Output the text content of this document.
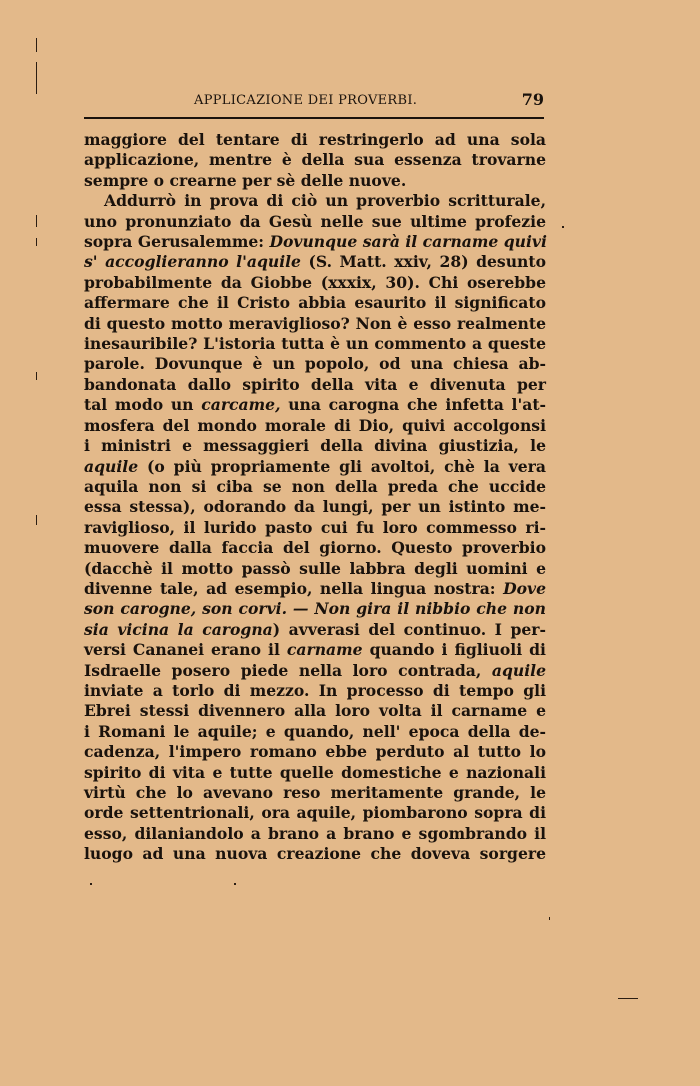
APPLICAZIONE DEI PROVERBI.	79
maggiore del tentare di restringerlo ad una sola
applicazione, mentre è della sua essenza trovarne
sempre o crearne per sè delle nuove.
Addurrò in prova di ciò un proverbio scritturale,
uno pronunziato da Gesù nelle sue ultime profezie
sopra Gerusalemme: Dovunque sarà il carname quivi
s' accoglieranno l'aquile (S. Matt. xxiv, 28) desunto
probabilmente da Giobbe (xxxix, 30). Chi oserebbe
affermare che il Cristo abbia esaurito il significato
di questo motto meraviglioso? Non è esso realmente
inesauribile? L'istoria tutta è un commento a queste
parole. Dovunque è un popolo, od una chiesa ab-
bandonata dallo spirito della vita e divenuta per
tal modo un carcame, una carogna che infetta l'at-
mosfera del mondo morale di Dio, quivi accolgonsi
i ministri e messaggieri della divina giustizia, le
aquile (o più propriamente gli avoltoi, chè la vera
aquila non si ciba se non della preda che uccide
essa stessa), odorando da lungi, per un istinto me-
raviglioso, il lurido pasto cui fu loro commesso ri-
muovere dalla faccia del giorno. Questo proverbio
(dacchè il motto passò sulle labbra degli uomini e
divenne tale, ad esempio, nella lingua nostra: Dove
son carogne, son corvi. — Non gira il nibbio che non
sia vicina la carogna) avverasi del continuo. I per-
versi Cananei erano il carname quando i figliuoli di
Isdraelle posero piede nella loro contrada, aquile
inviate a torlo di mezzo. In processo di tempo gli
Ebrei stessi divennero alla loro volta il carname e
i Romani le aquile; e quando, nell' epoca della de-
cadenza, l'impero romano ebbe perduto al tutto lo
spirito di vita e tutte quelle domestiche e nazionali
virtù che lo avevano reso meritamente grande, le
orde settentrionali, ora aquile, piombarono sopra di
esso, dilaniandolo a brano a brano e sgombrando il
luogo ad una nuova creazione che doveva sorgere
